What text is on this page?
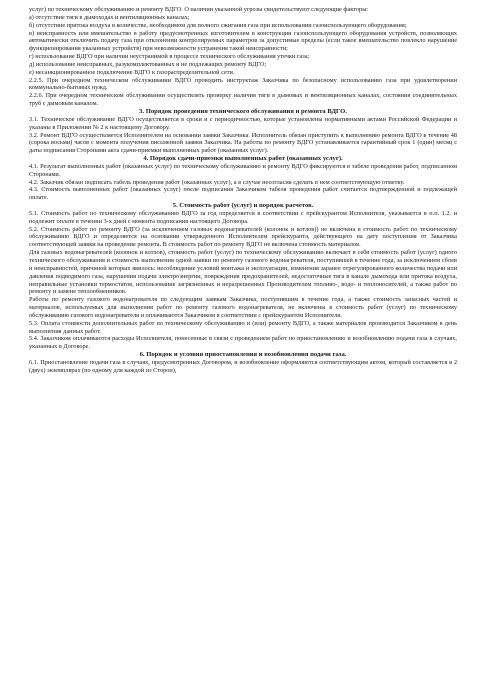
услуг) по техническому обслуживанию и ремонту ВДГО. О наличии указанной угрозы свидетельствуют следующие факторы:

а) отсутствие тяги в дымоходах и вентиляционных каналах;

б) отсутствие притока воздуха в количестве, необходимом для полного сжигания газа при использовании газоиспользующего оборудования;

в) неисправность или вмешательство в работу предусмотренных изготовителем в конструкции газоиспользующего оборудования устройств, позволяющих автоматически отключить подачу газа при отклонении контролируемых параметров за допустимые пределы (если такое вмешательство повлекло нарушение функционирования указанных устройств) при невозможности устранения такой неисправности;

г) использование ВДГО при наличии неустранимой в процессе технического обслуживания утечки газа;

д) использование неисправных, разукомплектованных и не подлежащих ремонту ВДГО;

е) несанкционированное подключение ВДГО к газораспределительной сети.

2.2.5. При очередном техническом обслуживании ВДГО проводить инструктаж Заказчика по безопасному использованию газа при удовлетворении коммунально-бытовых нужд.

2.2.6. При очередном техническом обслуживании осуществлять проверку наличия тяги в дымовых и вентиляционных каналах, состояния соединительных труб с дымовым каналом.

3. Порядок проведения технического обслуживания и ремонта ВДГО.

3.1. Техническое обслуживание ВДГО осуществляется в сроки и с периодичностью, которые установлены нормативными актами Российской Федерации и указаны в Приложении № 2 к настоящему Договору.

3.2. Ремонт ВДГО осуществляется Исполнителем на основании заявки Заказчика. Исполнитель обязан приступить к выполнению ремонта ВДГО в течение 48 (сорока восьми) часов с момента получения письменной заявки Заказчика. На работы по ремонту ВДГО устанавливается гарантийный срок 1 (один) месяц с даты подписания Сторонами акта сдачи-приемки выполненных работ (оказанных услуг).

4. Порядок сдачи-приемки выполненных работ (оказанных услуг).

4.1. Результат выполненных работ (оказанных услуг) по техническому обслуживанию и ремонту ВДГО фиксируются в табеле проведения работ, подписанном Сторонами.

4.2. Заказчик обязан подписать табель проведения работ (оказанных услуг), а в случае несогласия сделать в нем соответствующую отметку.

4.3. Стоимость выполненных работ (оказанных услуг) после подписания Заказчиком табеля проведения работ считается подтвержденной и подлежащей оплате.

5. Стоимость работ (услуг) и порядок расчетов.

5.1. Стоимость работ по техническому обслуживанию ВДГО за год определяется в соответствии с прейскурантом Исполнителя, указывается в п.п. 1.2. и подлежит оплате в течении 3-х дней с момента подписания настоящего Договора.

5.2. Стоимость работ по ремонту ВДГО (за исключением газовых водонагревателей (колонок и котлов)) не включена в стоимость работ по техническому обслуживанию ВДГО и определяется на основании утвержденного Исполнителем прейскуранта, действующего на дату поступления от Заказчика соответствующей заявки на проведение ремонта. В стоимость работ по ремонту ВДГО не включена стоимость материалов.

Для газовых водонагревателей (колонок и котлов), стоимость работ (услуг) по техническому обслуживанию включает в себя стоимость работ (услуг) одного технического обслуживания и стоимость выполнения одной заявки по ремонту газового водонагревателя, поступившей в течение года, за исключением сбоев и неисправностей, причиной которых явилось: несоблюдение условий монтажа и эксплуатации, изменения заранее отрегулированного количества подачи или давления подводимого газа, нарушения подачи электроэнергии, повреждения предохранителей, недостаточные тяга в канале дымохода или притока воздуха, неправильные установки термостатов, использование загрязненных и неразрешенных Производителем топливо-, водо- и теплоносителей, а также работ по ремонту и замене теплообменников.

Работы по ремонту газового водонагревателя по следующим заявкам Заказчика, поступившим в течение года, а также стоимость запасных частей и материалов, используемых для выполнения работ по ремонту газового водонагревателя, не включены в стоимость работ (услуг) по техническому обслуживанию газового водонагревателя и оплачиваются Заказчиком в соответствии с прейскурантом Исполнителя.

5.3. Оплата стоимости дополнительных работ по техническому обслуживанию и (или) ремонту ВДГО, а также материалов производится Заказчиком в день выполнения данных работ.

5.4. Заказчиком оплачиваются расходы Исполнителя, понесенные в связи с проведением работ по приостановлению и возобновлению подачи газа в случаях, указанных в Договоре.

6. Порядок и условия приостановления и возобновления подачи газа.

6.1. Приостановление подачи газа в случаях, предусмотренных Договором, и возобновление оформляются соответствующим актом, который составляется в 2 (двух) экземплярах (по одному для каждой из Сторон),
